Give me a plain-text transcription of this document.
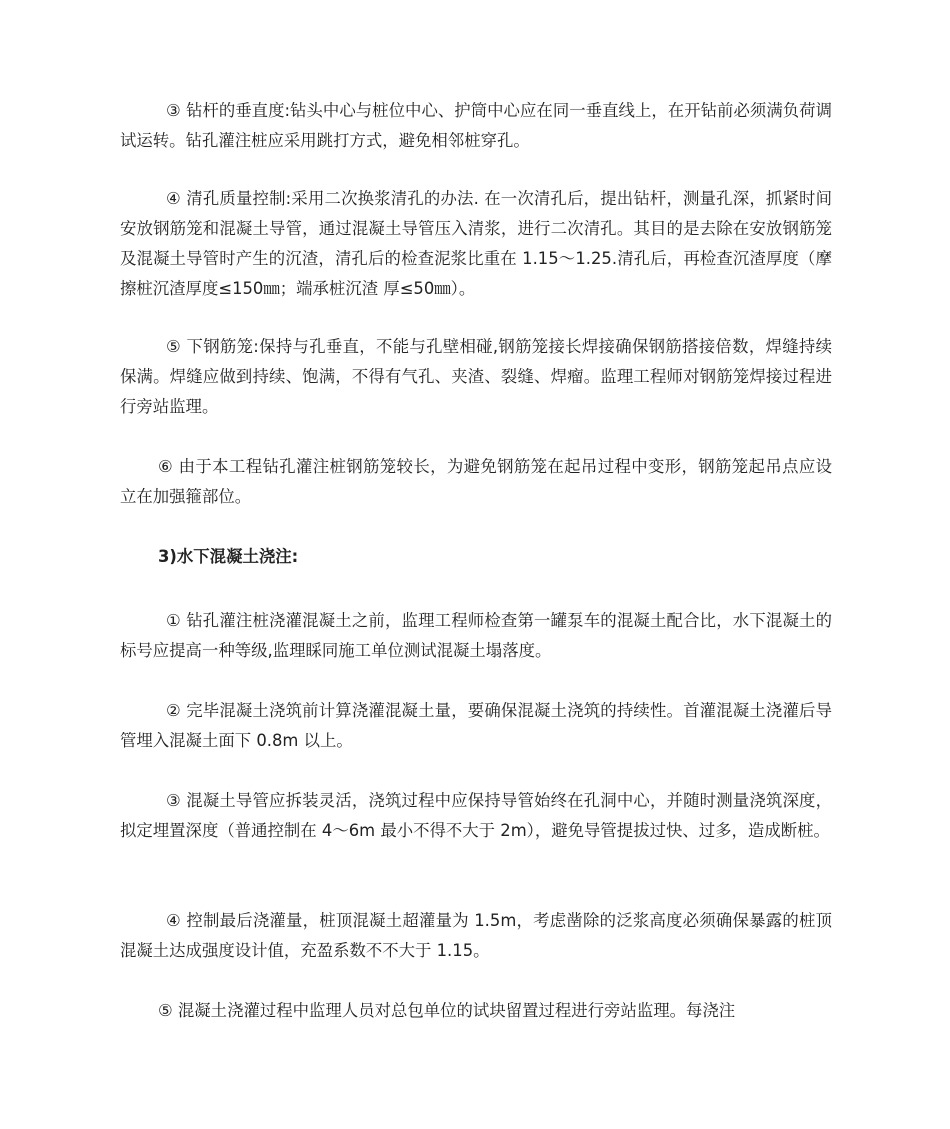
③ 钻杆的垂直度:钻头中心与桩位中心、护筒中心应在同一垂直线上，在开钻前必须满负荷调试运转。钻孔灌注桩应采用跳打方式，避免相邻桩穿孔。

④ 清孔质量控制:采用二次换浆清孔的办法. 在一次清孔后，提出钻杆，测量孔深，抓紧时间安放钢筋笼和混凝土导管，通过混凝土导管压入清浆，进行二次清孔。其目的是去除在安放钢筋笼及混凝土导管时产生的沉渣，清孔后的检查泥浆比重在 1.15～1.25.清孔后，再检查沉渣厚度（摩擦桩沉渣厚度≤150㎜；端承桩沉渣 厚≤50㎜）。

⑤ 下钢筋笼:保持与孔垂直，不能与孔壁相碰,钢筋笼接长焊接确保钢筋搭接倍数，焊缝持续保满。焊缝应做到持续、饱满，不得有气孔、夹渣、裂缝、焊瘤。监理工程师对钢筋笼焊接过程进行旁站监理。

⑥ 由于本工程钻孔灌注桩钢筋笼较长，为避免钢筋笼在起吊过程中变形，钢筋笼起吊点应设立在加强箍部位。

3)水下混凝土浇注:

① 钻孔灌注桩浇灌混凝土之前，监理工程师检查第一罐泵车的混凝土配合比，水下混凝土的标号应提高一种等级,监理睬同施工单位测试混凝土塌落度。

② 完毕混凝土浇筑前计算浇灌混凝土量，要确保混凝土浇筑的持续性。首灌混凝土浇灌后导管埋入混凝土面下 0.8m 以上。

③ 混凝土导管应拆装灵活，浇筑过程中应保持导管始终在孔洞中心，并随时测量浇筑深度，拟定埋置深度（普通控制在 4～6m 最小不得不大于 2m），避免导管提拔过快、过多，造成断桩。

④ 控制最后浇灌量，桩顶混凝土超灌量为 1.5m，考虑凿除的泛浆高度必须确保暴露的桩顶混凝土达成强度设计值，充盈系数不不大于 1.15。

⑤ 混凝土浇灌过程中监理人员对总包单位的试块留置过程进行旁站监理。每浇注
